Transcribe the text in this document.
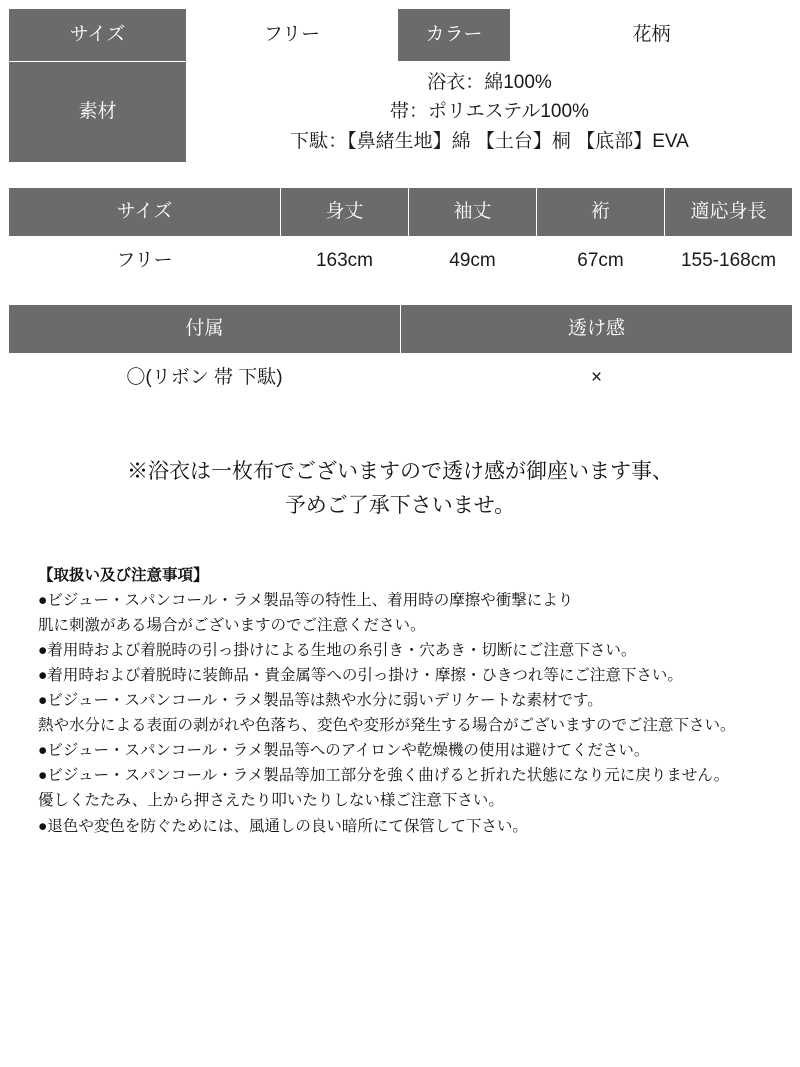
サイズ	フリー	カラー	花柄
素材	浴衣：綿100%
帯：ポリエステル100%
下駄：【鼻緒生地】綿 【土台】桐 【底部】EVA		
サイズ	身丈	袖丈	裄	適応身長
フリー	163cm	49cm	67cm	155-168cm
付属	透け感
〇(リボン 帯 下駄)	×
※浴衣は一枚布でございますので透け感が御座います事、
予めご了承下さいませ。
【取扱い及び注意事項】
●ビジュー・スパンコール・ラメ製品等の特性上、着用時の摩擦や衝撃により
肌に刺激がある場合がございますのでご注意ください。
●着用時および着脱時の引っ掛けによる生地の糸引き・穴あき・切断にご注意下さい。
●着用時および着脱時に装飾品・貴金属等への引っ掛け・摩擦・ひきつれ等にご注意下さい。
●ビジュー・スパンコール・ラメ製品等は熱や水分に弱いデリケートな素材です。
熱や水分による表面の剥がれや色落ち、変色や変形が発生する場合がございますのでご注意下さい。
●ビジュー・スパンコール・ラメ製品等へのアイロンや乾燥機の使用は避けてください。
●ビジュー・スパンコール・ラメ製品等加工部分を強く曲げると折れた状態になり元に戻りません。
優しくたたみ、上から押さえたり叩いたりしない様ご注意下さい。
●退色や変色を防ぐためには、風通しの良い暗所にて保管して下さい。
